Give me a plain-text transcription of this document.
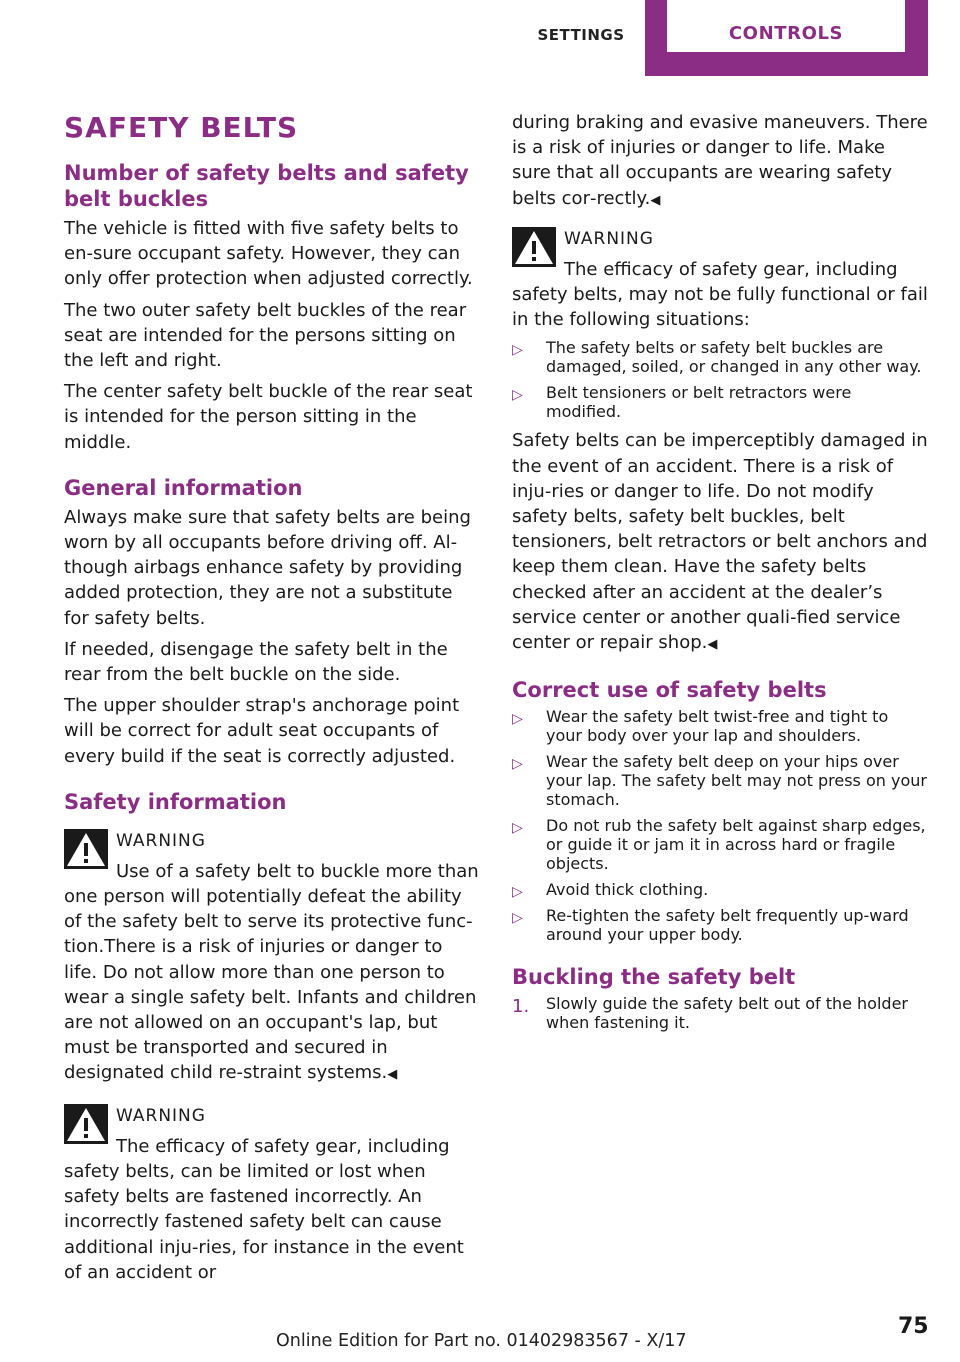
SETTINGS	CONTROLS
SAFETY BELTS
Number of safety belts and safety belt buckles

The vehicle is fitted with five safety belts to en‐sure occupant safety. However, they can only offer protection when adjusted correctly.

The two outer safety belt buckles of the rear seat are intended for the persons sitting on the left and right.

The center safety belt buckle of the rear seat is intended for the person sitting in the middle.

General information

Always make sure that safety belts are being worn by all occupants before driving off. Al‐though airbags enhance safety by providing added protection, they are not a substitute for safety belts.

If needed, disengage the safety belt in the rear from the belt buckle on the side.

The upper shoulder strap's anchorage point will be correct for adult seat occupants of every build if the seat is correctly adjusted.

Safety information
WARNING

Use of a safety belt to buckle more than one person will potentially defeat the ability of the safety belt to serve its protective func‐tion.There is a risk of injuries or danger to life. Do not allow more than one person to wear a single safety belt. Infants and children are not allowed on an occupant's lap, but must be transported and secured in designated child re‐straint systems.◀

WARNING

The efficacy of safety gear, including safety belts, can be limited or lost when safety belts are fastened incorrectly. An incorrectly fastened safety belt can cause additional inju‐ries, for instance in the event of an accident or

during braking and evasive maneuvers. There is a risk of injuries or danger to life. Make sure that all occupants are wearing safety belts cor‐rectly.◀

WARNING

The efficacy of safety gear, including safety belts, may not be fully functional or fail in the following situations:

▷ The safety belts or safety belt buckles are damaged, soiled, or changed in any other way.
▷ Belt tensioners or belt retractors were modified.

Safety belts can be imperceptibly damaged in the event of an accident. There is a risk of inju‐ries or danger to life. Do not modify safety belts, safety belt buckles, belt tensioners, belt retractors or belt anchors and keep them clean. Have the safety belts checked after an accident at the dealer’s service center or another quali‐fied service center or repair shop.◀

Correct use of safety belts
▷ Wear the safety belt twist-free and tight to your body over your lap and shoulders.
▷ Wear the safety belt deep on your hips over your lap. The safety belt may not press on your stomach.
▷ Do not rub the safety belt against sharp edges, or guide it or jam it in across hard or fragile objects.
▷ Avoid thick clothing.
▷ Re-tighten the safety belt frequently up‐ward around your upper body.
Buckling the safety belt
1. Slowly guide the safety belt out of the holder when fastening it.
75
Online Edition for Part no. 01402983567 - X/17
